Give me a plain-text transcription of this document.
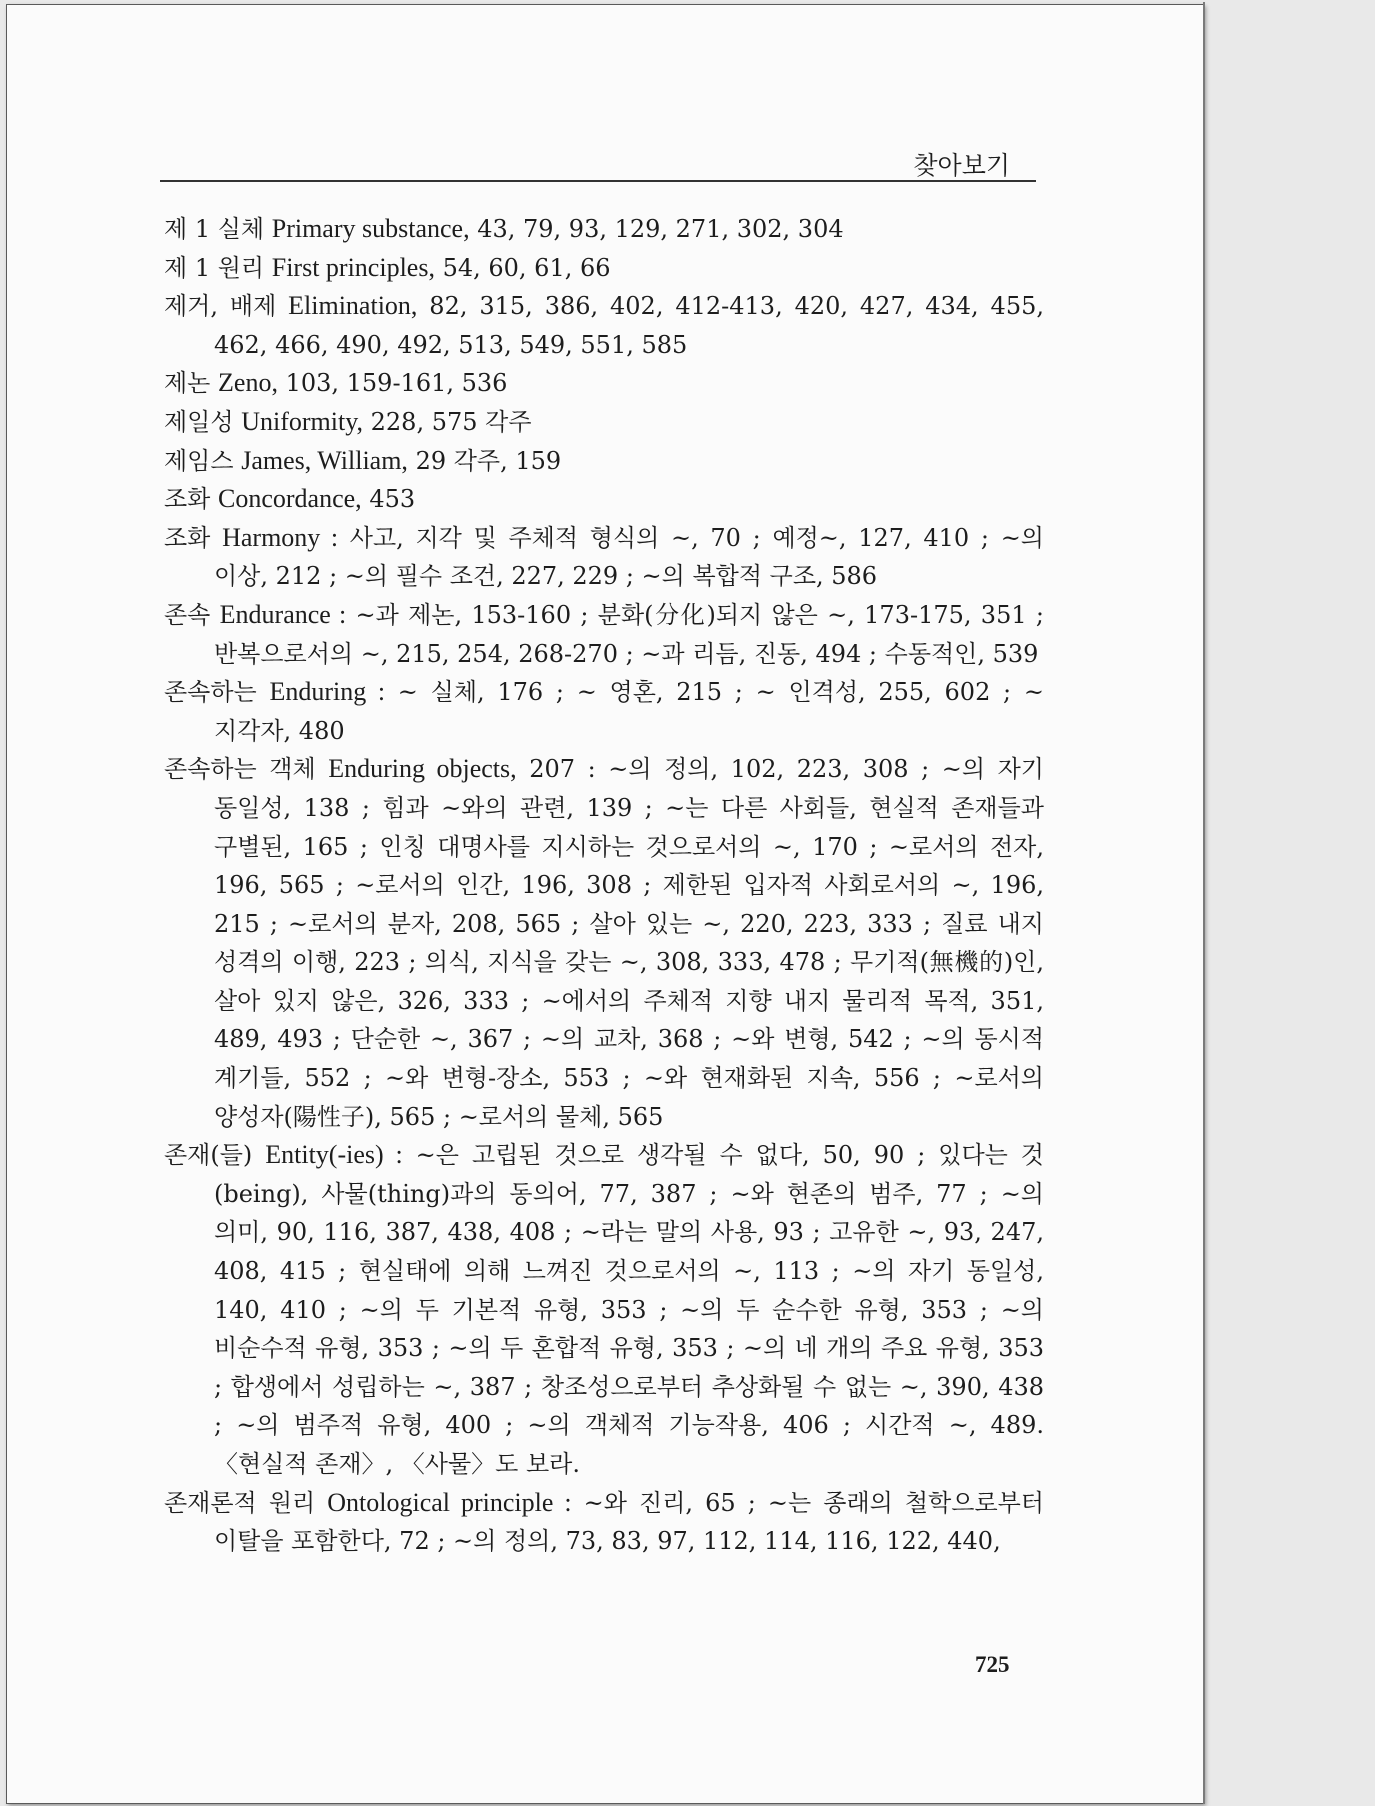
찾아보기
제 1 실체 Primary substance, 43, 79, 93, 129, 271, 302, 304
제 1 원리 First principles, 54, 60, 61, 66
제거, 배제 Elimination, 82, 315, 386, 402, 412-413, 420, 427, 434, 455, 462, 466, 490, 492, 513, 549, 551, 585
제논 Zeno, 103, 159-161, 536
제일성 Uniformity, 228, 575 각주
제임스 James, William, 29 각주, 159
조화 Concordance, 453
조화 Harmony : 사고, 지각 및 주체적 형식의 ~, 70 ; 예정~, 127, 410 ; ~의 이상, 212 ; ~의 필수 조건, 227, 229 ; ~의 복합적 구조, 586
존속 Endurance : ~과 제논, 153-160 ; 분화(分化)되지 않은 ~, 173-175, 351 ; 반복으로서의 ~, 215, 254, 268-270 ; ~과 리듬, 진동, 494 ; 수동적인, 539
존속하는 Enduring : ~ 실체, 176 ; ~ 영혼, 215 ; ~ 인격성, 255, 602 ; ~ 지각자, 480
존속하는 객체 Enduring objects, 207 : ~의 정의, 102, 223, 308 ; ~의 자기 동일성, 138 ; 힘과 ~와의 관련, 139 ; ~는 다른 사회들, 현실적 존재들과 구별된, 165 ; 인칭 대명사를 지시하는 것으로서의 ~, 170 ; ~로서의 전자, 196, 565 ; ~로서의 인간, 196, 308 ; 제한된 입자적 사회로서의 ~, 196, 215 ; ~로서의 분자, 208, 565 ; 살아 있는 ~, 220, 223, 333 ; 질료 내지 성격의 이행, 223 ; 의식, 지식을 갖는 ~, 308, 333, 478 ; 무기적(無機的)인, 살아 있지 않은, 326, 333 ; ~에서의 주체적 지향 내지 물리적 목적, 351, 489, 493 ; 단순한 ~, 367 ; ~의 교차, 368 ; ~와 변형, 542 ; ~의 동시적 계기들, 552 ; ~와 변형-장소, 553 ; ~와 현재화된 지속, 556 ; ~로서의 양성자(陽性子), 565 ; ~로서의 물체, 565
존재(들) Entity(-ies) : ~은 고립된 것으로 생각될 수 없다, 50, 90 ; 있다는 것(being), 사물(thing)과의 동의어, 77, 387 ; ~와 현존의 범주, 77 ; ~의 의미, 90, 116, 387, 438, 408 ; ~라는 말의 사용, 93 ; 고유한 ~, 93, 247, 408, 415 ; 현실태에 의해 느껴진 것으로서의 ~, 113 ; ~의 자기 동일성, 140, 410 ; ~의 두 기본적 유형, 353 ; ~의 두 순수한 유형, 353 ; ~의 비순수적 유형, 353 ; ~의 두 혼합적 유형, 353 ; ~의 네 개의 주요 유형, 353 ; 합생에서 성립하는 ~, 387 ; 창조성으로부터 추상화될 수 없는 ~, 390, 438 ; ~의 범주적 유형, 400 ; ~의 객체적 기능작용, 406 ; 시간적 ~, 489. 〈현실적 존재〉, 〈사물〉도 보라.
존재론적 원리 Ontological principle : ~와 진리, 65 ; ~는 종래의 철학으로부터 이탈을 포함한다, 72 ; ~의 정의, 73, 83, 97, 112, 114, 116, 122, 440,
725
